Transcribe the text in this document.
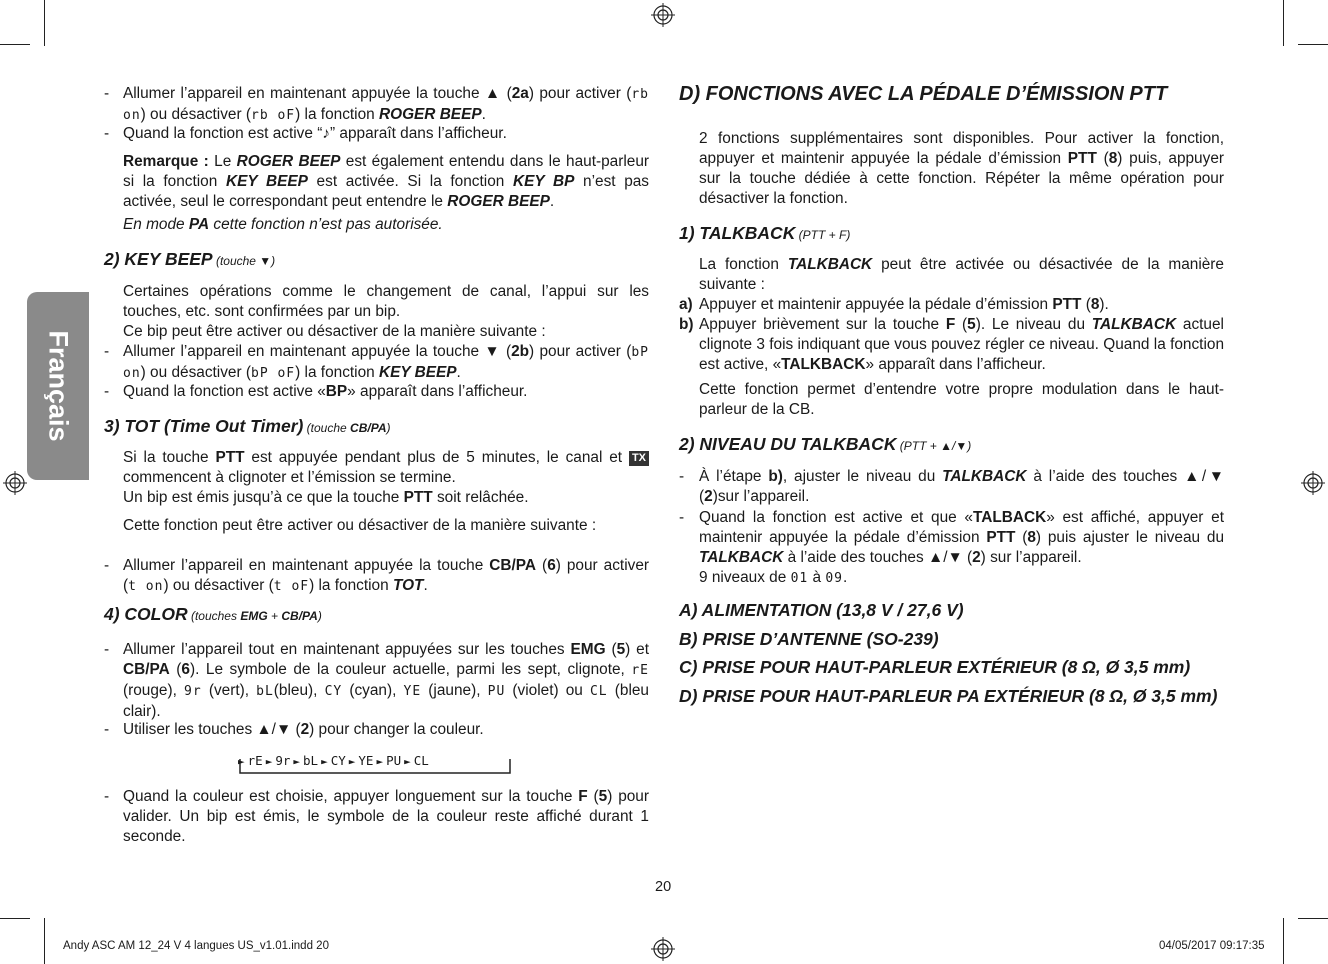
Français
- Allumer l’appareil en maintenant appuyée la touche ▲ (2a) pour activer (rb on) ou désactiver (rb oF) la fonction ROGER BEEP.
- Quand la fonction est active “♪” apparaît dans l’afficheur.
Remarque : Le ROGER BEEP est également entendu dans le haut-parleur si la fonction KEY BEEP est activée. Si la fonction KEY BP n’est pas activée, seul le correspondant peut entendre le ROGER BEEP.
En mode PA cette fonction n’est pas autorisée.
2) KEY BEEP (touche ▼)
Certaines opérations comme le changement de canal, l’appui sur les touches, etc. sont confirmées par un bip.
Ce bip peut être activer ou désactiver de la manière suivante :
- Allumer l’appareil en maintenant appuyée la touche ▼ (2b) pour activer (bP on) ou désactiver (bP oF) la fonction KEY BEEP.
- Quand la fonction est active «BP» apparaît dans l’afficheur.
3) TOT (Time Out Timer) (touche CB/PA)
Si la touche PTT est appuyée pendant plus de 5 minutes, le canal et TX commencent à clignoter et l’émission se termine.
Un bip est émis jusqu’à ce que la touche PTT soit relâchée.
Cette fonction peut être activer ou désactiver de la manière suivante :
- Allumer l’appareil en maintenant appuyée la touche CB/PA (6) pour activer (t on) ou désactiver (t oF) la fonction TOT.
4) COLOR (touches EMG + CB/PA)
- Allumer l’appareil tout en maintenant appuyées sur les touches EMG (5) et CB/PA (6). Le symbole de la couleur actuelle, parmi les sept, clignote, rE (rouge), 9r (vert), bL(bleu), CY (cyan), YE (jaune), PU (violet) ou CL (bleu clair).
- Utiliser les touches ▲/▼ (2) pour changer la couleur.
► rE ► 9r ► bL ► CY ► YE ► PU ► CL
- Quand la couleur est choisie, appuyer longuement sur la touche F (5) pour valider. Un bip est émis, le symbole de la couleur reste affiché durant 1 seconde.
D) FONCTIONS AVEC LA PÉDALE D’ÉMISSION PTT
2 fonctions supplémentaires sont disponibles. Pour activer la fonction, appuyer et maintenir appuyée la pédale d’émission PTT (8) puis, appuyer sur la touche dédiée à cette fonction. Répéter la même opération pour désactiver la fonction.
1) TALKBACK (PTT + F)
La fonction TALKBACK peut être activée ou désactivée de la manière suivante :
a) Appuyer et maintenir appuyée la pédale d’émission PTT (8).
b) Appuyer brièvement sur la touche F (5). Le niveau du TALKBACK actuel clignote 3 fois indiquant que vous pouvez régler ce niveau. Quand la fonction est active, «TALKBACK» apparaît dans l’afficheur.
Cette fonction permet d’entendre votre propre modulation dans le haut-parleur de la CB.
2) NIVEAU DU TALKBACK (PTT + ▲/▼)
- À l’étape b), ajuster le niveau du TALKBACK à l’aide des touches ▲/▼ (2)sur l’appareil.
- Quand la fonction est active et que «TALBACK» est affiché, appuyer et maintenir appuyée la pédale d’émission PTT (8) puis ajuster le niveau du TALKBACK à l’aide des touches ▲/▼ (2) sur l’appareil.
9 niveaux de 01 à 09.
A) ALIMENTATION (13,8 V / 27,6 V)
B) PRISE D’ANTENNE (SO-239)
C) PRISE POUR HAUT-PARLEUR EXTÉRIEUR (8 Ω, Ø 3,5 mm)
D) PRISE POUR HAUT-PARLEUR PA EXTÉRIEUR (8 Ω, Ø 3,5 mm)
20
Andy ASC AM 12_24 V 4 langues US_v1.01.indd 20	04/05/2017 09:17:35
